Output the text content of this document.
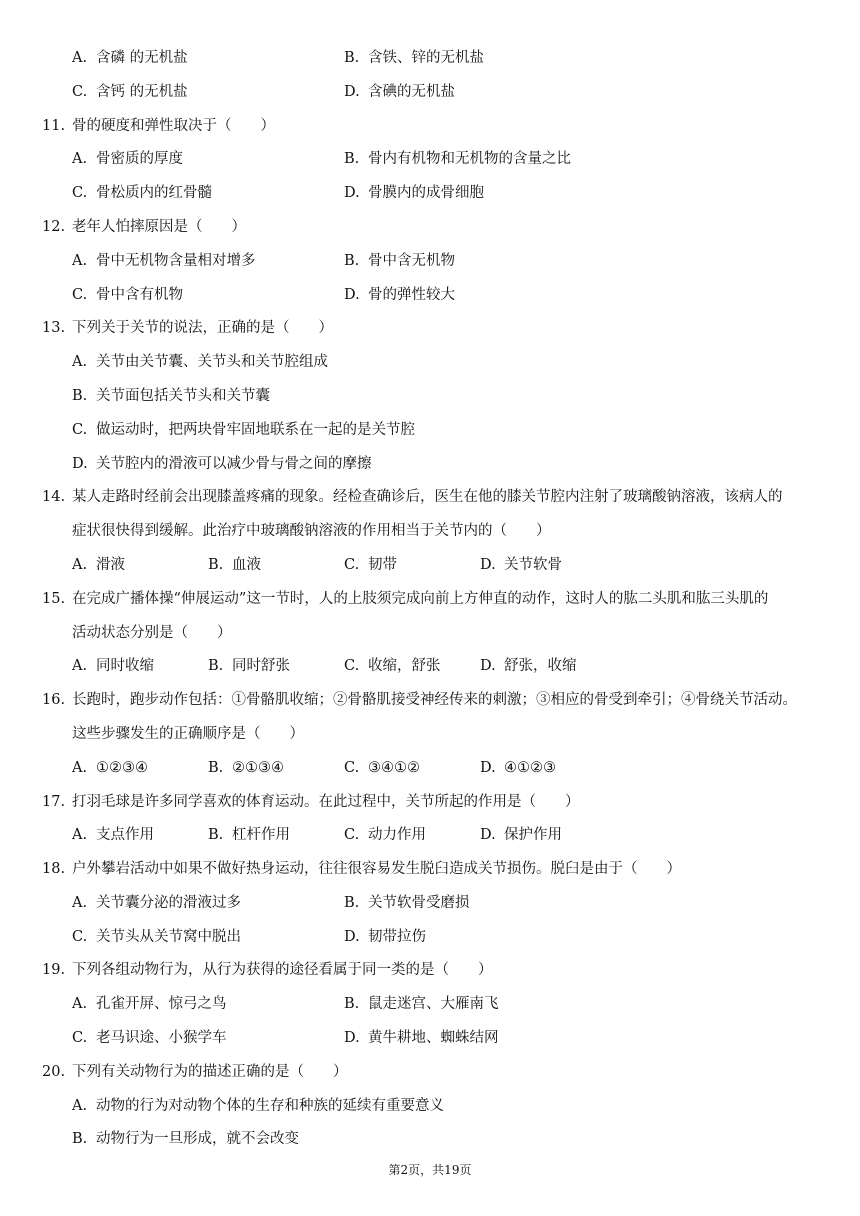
A. 含磷 的无机盐	B. 含铁、锌的无机盐
C. 含钙 的无机盐	D. 含碘的无机盐
11. 骨的硬度和弹性取决于（　　）
A. 骨密质的厚度	B. 骨内有机物和无机物的含量之比
C. 骨松质内的红骨髓	D. 骨膜内的成骨细胞
12. 老年人怕摔原因是（　　）
A. 骨中无机物含量相对增多	B. 骨中含无机物
C. 骨中含有机物	D. 骨的弹性较大
13. 下列关于关节的说法，正确的是（　　）
A. 关节由关节囊、关节头和关节腔组成
B. 关节面包括关节头和关节囊
C. 做运动时，把两块骨牢固地联系在一起的是关节腔
D. 关节腔内的滑液可以减少骨与骨之间的摩擦
14. 某人走路时经前会出现膝盖疼痛的现象。经检查确诊后，医生在他的膝关节腔内注射了玻璃酸钠溶液，该病人的
症状很快得到缓解。此治疗中玻璃酸钠溶液的作用相当于关节内的（　　）
A. 滑液	B. 血液	C. 韧带	D. 关节软骨
15. 在完成广播体操“伸展运动”这一节时，人的上肢须完成向前上方伸直的动作，这时人的肱二头肌和肱三头肌的
活动状态分别是（　　）
A. 同时收缩	B. 同时舒张	C. 收缩，舒张	D. 舒张，收缩
16. 长跑时，跑步动作包括：①骨骼肌收缩；②骨骼肌接受神经传来的刺激；③相应的骨受到牵引；④骨绕关节活动。
这些步骤发生的正确顺序是（　　）
A. ①②③④	B. ②①③④	C. ③④①②	D. ④①②③
17. 打羽毛球是许多同学喜欢的体育运动。在此过程中，关节所起的作用是（　　）
A. 支点作用	B. 杠杆作用	C. 动力作用	D. 保护作用
18. 户外攀岩活动中如果不做好热身运动，往往很容易发生脱臼造成关节损伤。脱臼是由于（　　）
A. 关节囊分泌的滑液过多	B. 关节软骨受磨损
C. 关节头从关节窝中脱出	D. 韧带拉伤
19. 下列各组动物行为，从行为获得的途径看属于同一类的是（　　）
A. 孔雀开屏、惊弓之鸟	B. 鼠走迷宫、大雁南飞
C. 老马识途、小猴学车	D. 黄牛耕地、蜘蛛结网
20. 下列有关动物行为的描述正确的是（　　）
A. 动物的行为对动物个体的生存和种族的延续有重要意义
B. 动物行为一旦形成，就不会改变
第2页，共19页
